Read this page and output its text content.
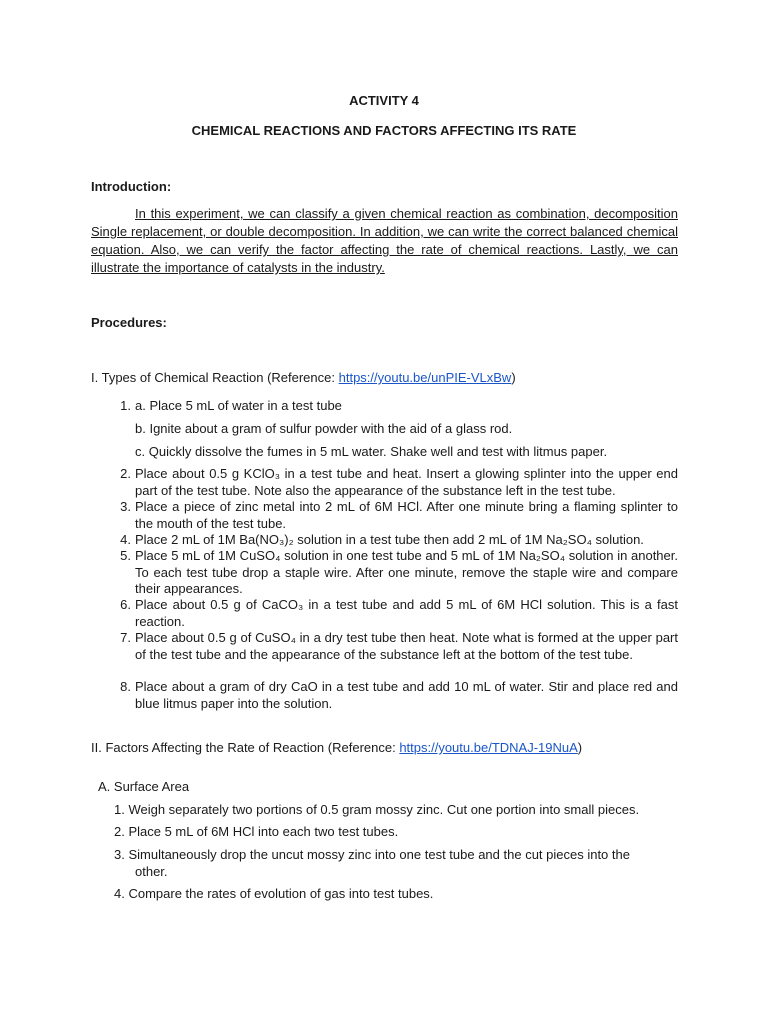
ACTIVITY 4
CHEMICAL REACTIONS AND FACTORS AFFECTING ITS RATE
Introduction:
In this experiment, we can classify a given chemical reaction as combination, decomposition Single replacement, or double decomposition. In addition, we can write the correct balanced chemical equation. Also, we can verify the factor affecting the rate of chemical reactions. Lastly, we can illustrate the importance of catalysts in the industry.
Procedures:
I. Types of Chemical Reaction (Reference: https://youtu.be/unPIE-VLxBw)
1. a. Place 5 mL of water in a test tube
b. Ignite about a gram of sulfur powder with the aid of a glass rod.
c. Quickly dissolve the fumes in 5 mL water. Shake well and test with litmus paper.
2. Place about 0.5 g KClO₃ in a test tube and heat. Insert a glowing splinter into the upper end part of the test tube. Note also the appearance of the substance left in the test tube.
3. Place a piece of zinc metal into 2 mL of 6M HCl. After one minute bring a flaming splinter to the mouth of the test tube.
4. Place 2 mL of 1M Ba(NO₃)₂ solution in a test tube then add 2 mL of 1M Na₂SO₄ solution.
5. Place 5 mL of 1M CuSO₄ solution in one test tube and 5 mL of 1M Na₂SO₄ solution in another. To each test tube drop a staple wire. After one minute, remove the staple wire and compare their appearances.
6. Place about 0.5 g of CaCO₃ in a test tube and add 5 mL of 6M HCl solution. This is a fast reaction.
7. Place about 0.5 g of CuSO₄ in a dry test tube then heat. Note what is formed at the upper part of the test tube and the appearance of the substance left at the bottom of the test tube.
8. Place about a gram of dry CaO in a test tube and add 10 mL of water. Stir and place red and blue litmus paper into the solution.
II. Factors Affecting the Rate of Reaction (Reference: https://youtu.be/TDNAJ-19NuA)
A. Surface Area
1. Weigh separately two portions of 0.5 gram mossy zinc. Cut one portion into small pieces.
2. Place 5 mL of 6M HCl into each two test tubes.
3. Simultaneously drop the uncut mossy zinc into one test tube and the cut pieces into the
other.
4. Compare the rates of evolution of gas into test tubes.
